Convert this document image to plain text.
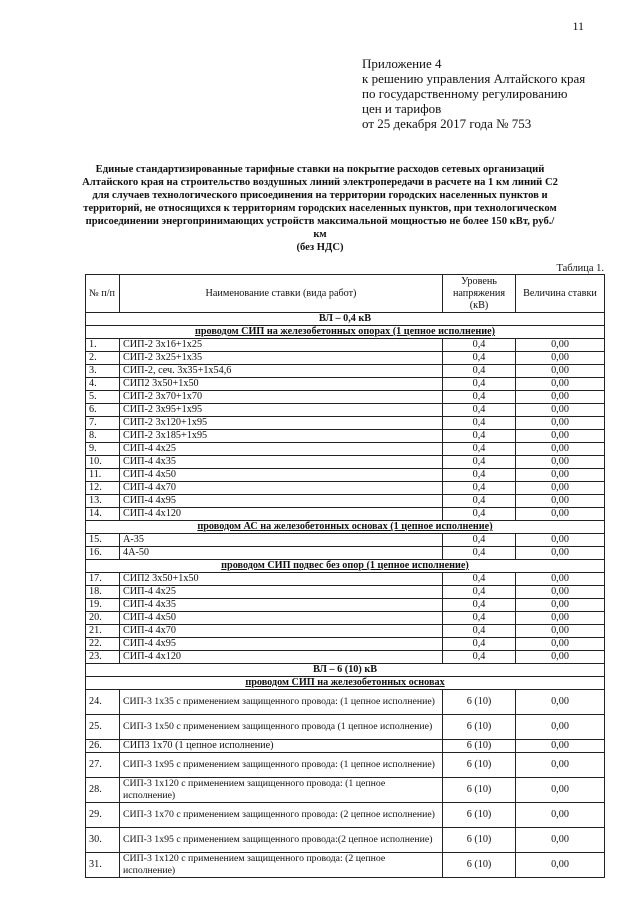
11
Приложение 4
к решению управления Алтайского края
по государственному регулированию
цен и тарифов
от 25 декабря 2017 года № 753
Единые стандартизированные тарифные ставки на покрытие расходов сетевых организаций
Алтайского края на строительство воздушных линий электропередачи в расчете на 1 км линий С2
для случаев технологического присоединения на территории городских населенных пунктов и
территорий, не относящихся к территориям городских населенных пунктов, при технологическом
присоединении энергопринимающих устройств максимальной мощностью не более 150 кВт, руб./км
(без НДС)
Таблица 1.
№ п/п	Наименование ставки (вида работ)	Уровень напряжения (кВ)	Величина ставки
ВЛ – 0,4 кВ			
проводом СИП на железобетонных опорах (1 цепное исполнение)			
1.	СИП-2 3х16+1х25	0,4	0,00
2.	СИП-2 3х25+1х35	0,4	0,00
3.	СИП-2, сеч. 3х35+1х54,6	0,4	0,00
4.	СИП2 3х50+1х50	0,4	0,00
5.	СИП-2 3х70+1х70	0,4	0,00
6.	СИП-2 3х95+1х95	0,4	0,00
7.	СИП-2 3х120+1х95	0,4	0,00
8.	СИП-2 3х185+1х95	0,4	0,00
9.	СИП-4 4х25	0,4	0,00
10.	СИП-4 4х35	0,4	0,00
11.	СИП-4 4х50	0,4	0,00
12.	СИП-4 4х70	0,4	0,00
13.	СИП-4 4х95	0,4	0,00
14.	СИП-4 4х120	0,4	0,00
проводом АС на железобетонных основах (1 цепное исполнение)			
15.	А-35	0,4	0,00
16.	4А-50	0,4	0,00
проводом СИП подвес без опор (1 цепное исполнение)			
17.	СИП2 3х50+1х50	0,4	0,00
18.	СИП-4 4х25	0,4	0,00
19.	СИП-4 4х35	0,4	0,00
20.	СИП-4 4х50	0,4	0,00
21.	СИП-4 4х70	0,4	0,00
22.	СИП-4 4х95	0,4	0,00
23.	СИП-4 4х120	0,4	0,00
ВЛ – 6 (10) кВ			
проводом СИП на железобетонных основах			
24.	СИП-3 1х35 с применением защищенного провода: (1 цепное исполнение)	6 (10)	0,00
25.	СИП-3 1х50 с применением защищенного провода (1 цепное исполнение)	6 (10)	0,00
26.	СИП3 1х70 (1 цепное исполнение)	6 (10)	0,00
27.	СИП-3 1х95 с применением защищенного провода: (1 цепное исполнение)	6 (10)	0,00
28.	СИП-3 1х120 с применением защищенного провода: (1 цепное исполнение)	6 (10)	0,00
29.	СИП-3 1х70 с применением защищенного провода: (2 цепное исполнение)	6 (10)	0,00
30.	СИП-3 1х95 с применением защищенного провода:(2 цепное исполнение)	6 (10)	0,00
31.	СИП-3 1х120 с применением защищенного провода: (2 цепное исполнение)	6 (10)	0,00
